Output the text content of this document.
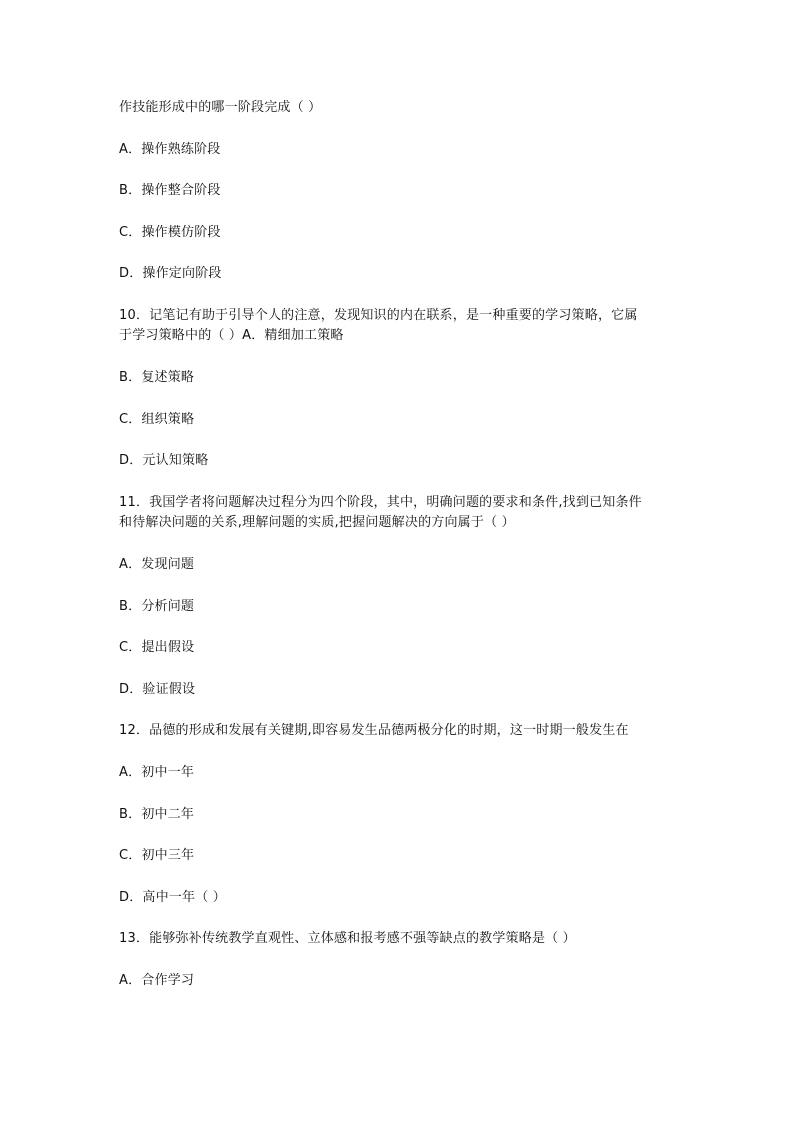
作技能形成中的哪一阶段完成（ ）
A．操作熟练阶段
B．操作整合阶段
C．操作模仿阶段
D．操作定向阶段
10．记笔记有助于引导个人的注意，发现知识的内在联系，是一种重要的学习策略，它属
于学习策略中的（ ）A．精细加工策略
B．复述策略
C．组织策略
D．元认知策略
11．我国学者将问题解决过程分为四个阶段，其中，明确问题的要求和条件,找到已知条件
和待解决问题的关系,理解问题的实质,把握问题解决的方向属于（ ）
A．发现问题
B．分析问题
C．提出假设
D．验证假设
12．品德的形成和发展有关键期,即容易发生品德两极分化的时期，这一时期一般发生在
A．初中一年
B．初中二年
C．初中三年
D．高中一年（ ）
13．能够弥补传统教学直观性、立体感和报考感不强等缺点的教学策略是（ ）
A．合作学习
